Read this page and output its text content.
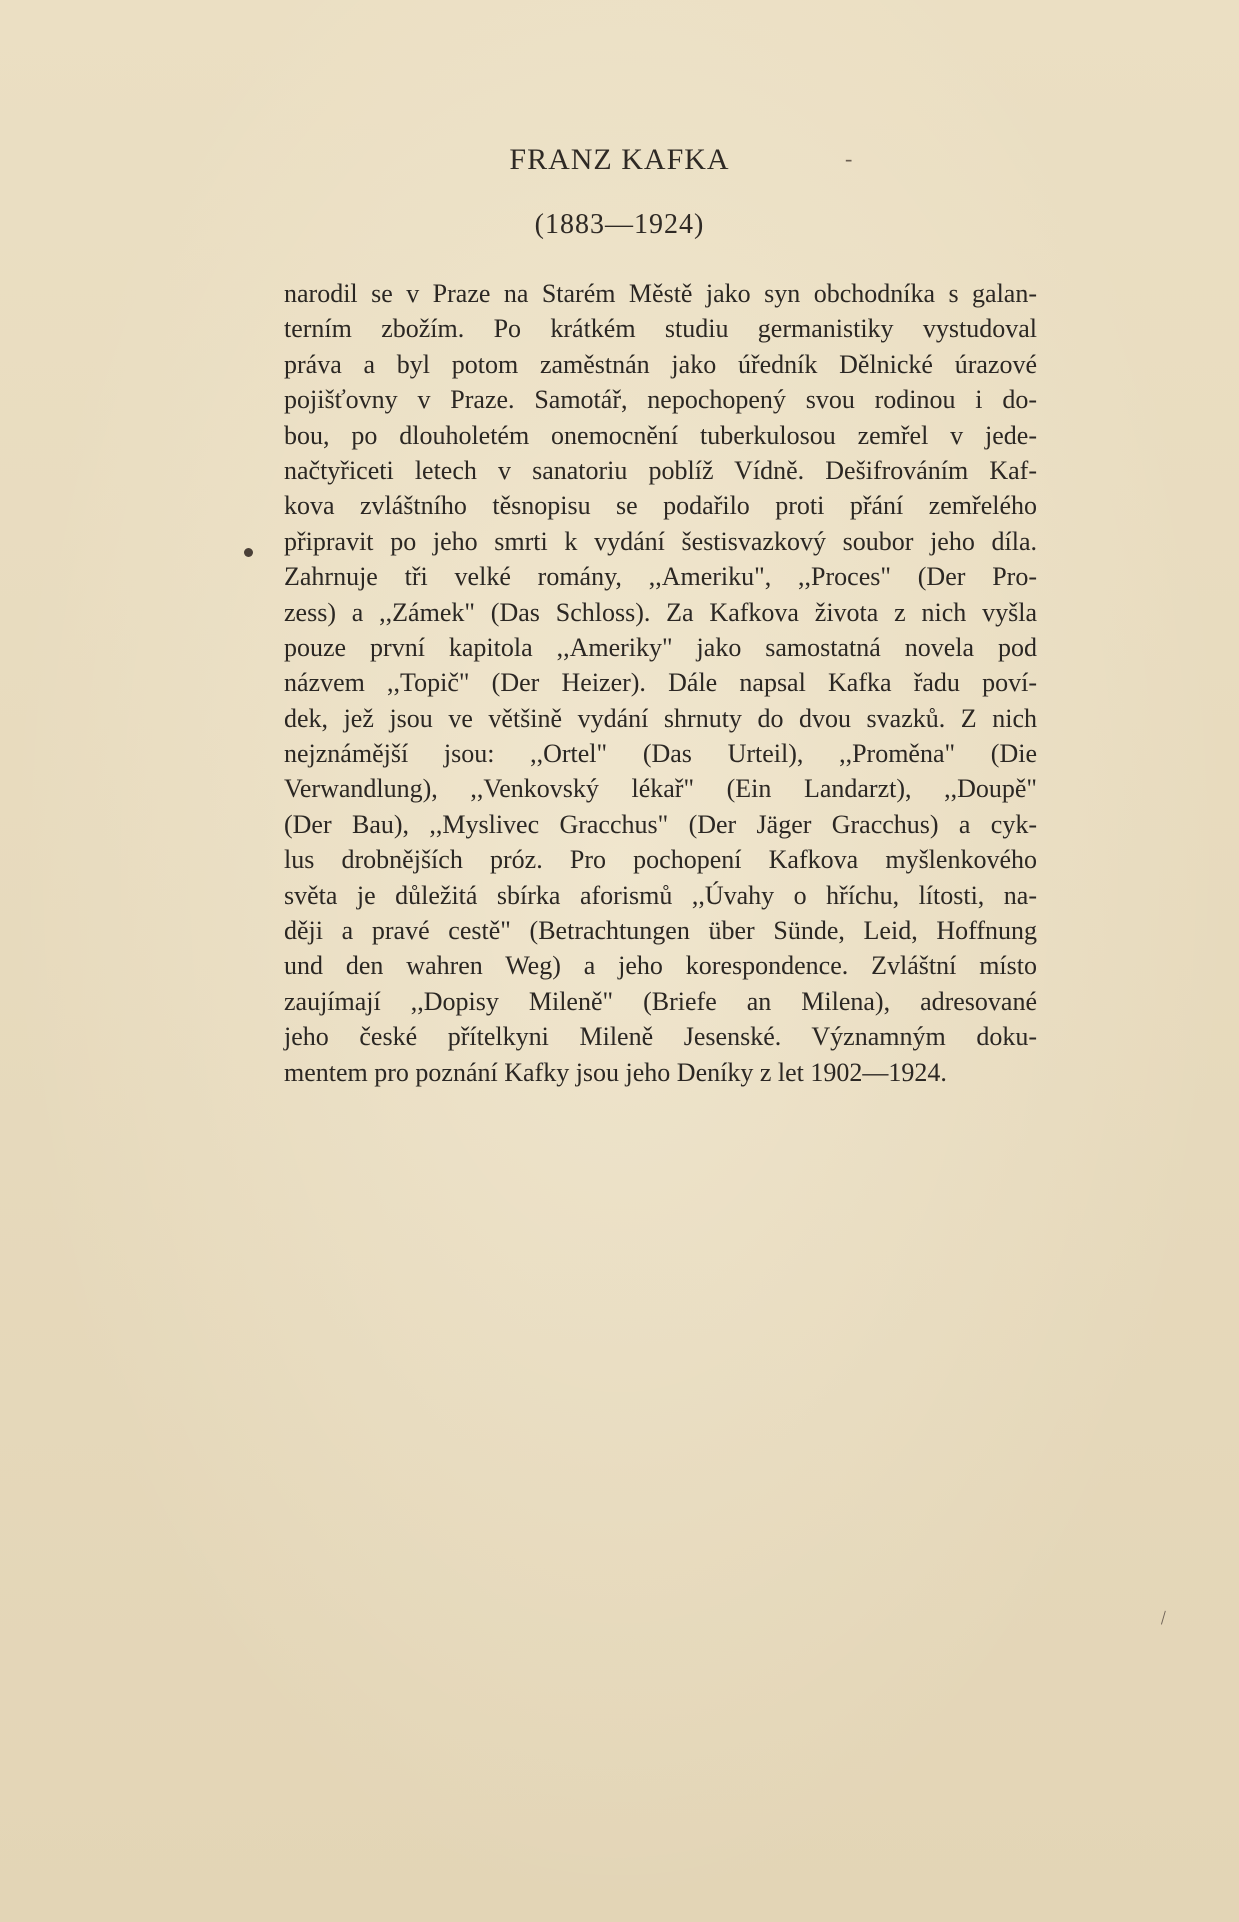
FRANZ KAFKA	-
(1883—1924)
narodil se v Praze na Starém Městě jako syn obchodníka s galan-
terním zbožím. Po krátkém studiu germanistiky vystudoval
práva a byl potom zaměstnán jako úředník Dělnické úrazové
pojišťovny v Praze. Samotář, nepochopený svou rodinou i do-
bou, po dlouholetém onemocnění tuberkulosou zemřel v jede-
načtyřiceti letech v sanatoriu poblíž Vídně. Dešifrováním Kaf-
kova zvláštního těsnopisu se podařilo proti přání zemřelého
připravit po jeho smrti k vydání šestisvazkový soubor jeho díla.
Zahrnuje tři velké romány, ,,Ameriku", ,,Proces" (Der Pro-
zess) a ,,Zámek" (Das Schloss). Za Kafkova života z nich vyšla
pouze první kapitola ,,Ameriky" jako samostatná novela pod
názvem ,,Topič" (Der Heizer). Dále napsal Kafka řadu poví-
dek, jež jsou ve většině vydání shrnuty do dvou svazků. Z nich
nejznámější jsou: ,,Ortel" (Das Urteil), ,,Proměna" (Die
Verwandlung), ,,Venkovský lékař" (Ein Landarzt), ,,Doupě"
(Der Bau), ,,Myslivec Gracchus" (Der Jäger Gracchus) a cyk-
lus drobnějších próz. Pro pochopení Kafkova myšlenkového
světa je důležitá sbírka aforismů ,,Úvahy o hříchu, lítosti, na-
ději a pravé cestě" (Betrachtungen über Sünde, Leid, Hoffnung
und den wahren Weg) a jeho korespondence. Zvláštní místo
zaujímají ,,Dopisy Mileně" (Briefe an Milena), adresované
jeho české přítelkyni Mileně Jesenské. Významným doku-
mentem pro poznání Kafky jsou jeho Deníky z let 1902—1924.
\
